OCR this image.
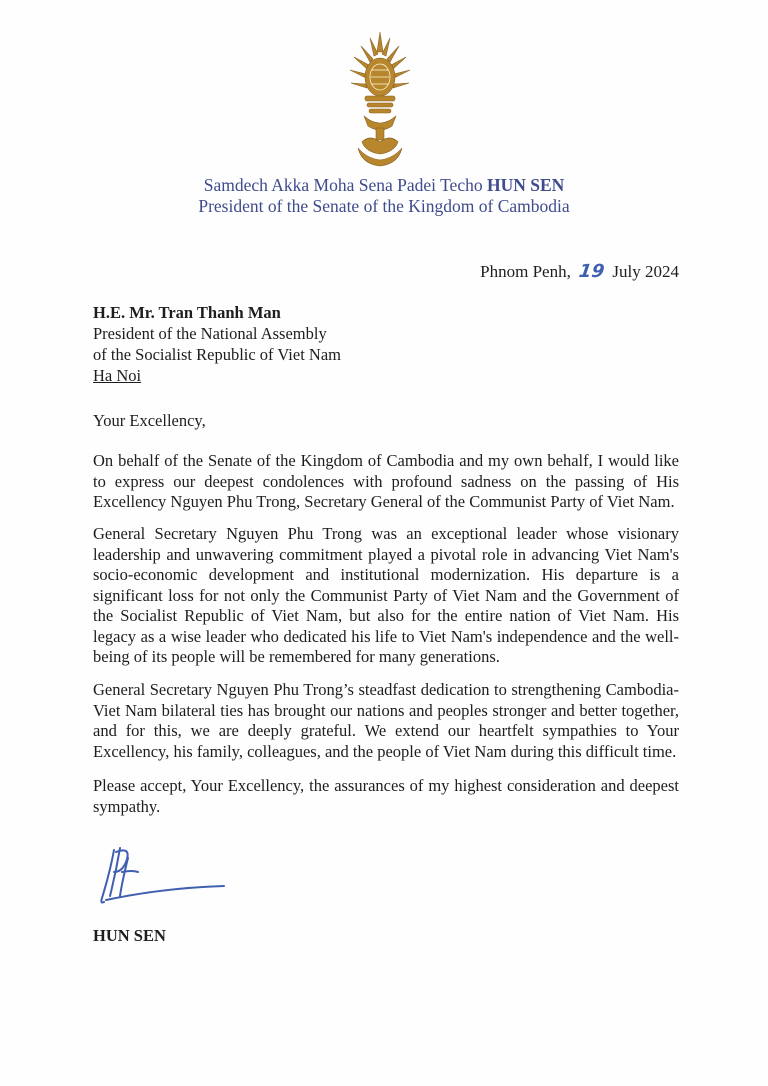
Samdech Akka Moha Sena Padei Techo HUN SEN
President of the Senate of the Kingdom of Cambodia
Phnom Penh, 19 July 2024
H.E. Mr. Tran Thanh Man
President of the National Assembly
of the Socialist Republic of Viet Nam
Ha Noi
Your Excellency,
On behalf of the Senate of the Kingdom of Cambodia and my own behalf, I would like to express our deepest condolences with profound sadness on the passing of His Excellency Nguyen Phu Trong, Secretary General of the Communist Party of Viet Nam.
General Secretary Nguyen Phu Trong was an exceptional leader whose visionary leadership and unwavering commitment played a pivotal role in advancing Viet Nam's socio-economic development and institutional modernization. His departure is a significant loss for not only the Communist Party of Viet Nam and the Government of the Socialist Republic of Viet Nam, but also for the entire nation of Viet Nam. His legacy as a wise leader who dedicated his life to Viet Nam's independence and the well-being of its people will be remembered for many generations.
General Secretary Nguyen Phu Trong’s steadfast dedication to strengthening Cambodia-Viet Nam bilateral ties has brought our nations and peoples stronger and better together, and for this, we are deeply grateful. We extend our heartfelt sympathies to Your Excellency, his family, colleagues, and the people of Viet Nam during this difficult time.
Please accept, Your Excellency, the assurances of my highest consideration and deepest sympathy.
HUN SEN
